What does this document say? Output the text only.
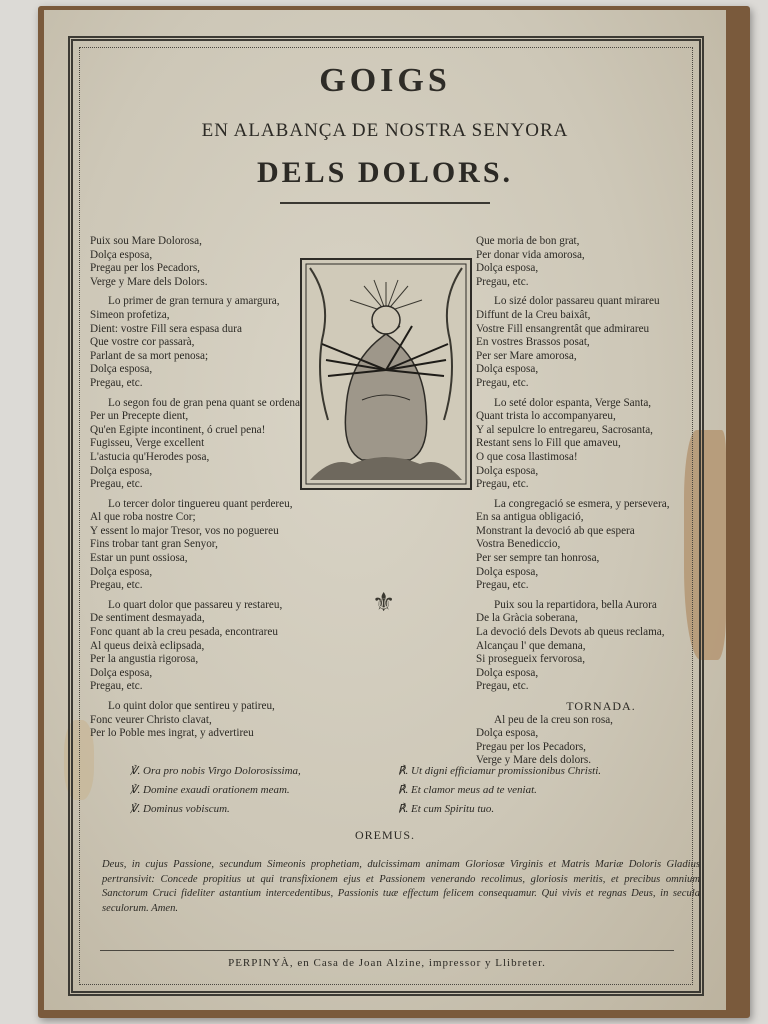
GOIGS
EN ALABANÇA DE NOSTRA SENYORA
DELS DOLORS.

Puix sou Mare Dolorosa,

Dolça esposa,

Pregau per los Pecadors,

Verge y Mare dels Dolors.

Lo primer de gran ternura y amargura,

Simeon profetiza,

Dient: vostre Fill sera espasa dura

Que vostre cor passarà,

Parlant de sa mort penosa;

Dolça esposa,

Pregau, etc.

Lo segon fou de gran pena quant se ordena

Per un Precepte dient,

Qu'en Egipte incontinent, ó cruel pena!

Fugisseu, Verge excellent

L'astucia qu'Herodes posa,

Dolça esposa,

Pregau, etc.

Lo tercer dolor tinguereu quant perdereu,

Al que roba nostre Cor;

Y essent lo major Tresor, vos no poguereu

Fins trobar tant gran Senyor,

Estar un punt ossiosa,

Dolça esposa,

Pregau, etc.

Lo quart dolor que passareu y restareu,

De sentiment desmayada,

Fonc quant ab la creu pesada, encontrareu

Al queus deixà eclipsada,

Per la angustia rigorosa,

Dolça esposa,

Pregau, etc.

Lo quint dolor que sentireu y patireu,

Fonc veurer Christo clavat,

Per lo Poble mes ingrat, y advertireu

Que moria de bon grat,

Per donar vida amorosa,

Dolça esposa,

Pregau, etc.

Lo sizé dolor passareu quant mirareu

Diffunt de la Creu baixât,

Vostre Fill ensangrentât que admirareu

En vostres Brassos posat,

Per ser Mare amorosa,

Dolça esposa,

Pregau, etc.

Lo seté dolor espanta, Verge Santa,

Quant trista lo accompanyareu,

Y al sepulcre lo entregareu, Sacrosanta,

Restant sens lo Fill que amaveu,

O que cosa llastimosa!

Dolça esposa,

Pregau, etc.

La congregació se esmera, y persevera,

En sa antigua obligació,

Monstrant la devoció ab que espera

Vostra Benediccio,

Per ser sempre tan honrosa,

Dolça esposa,

Pregau, etc.

Puix sou la repartidora, bella Aurora

De la Gràcia soberana,

La devoció dels Devots ab queus reclama,

Alcançau l' que demana,

Si prosegueix fervorosa,

Dolça esposa,

Pregau, etc.

TORNADA.

Al peu de la creu son rosa,

Dolça esposa,

Pregau per los Pecadors,

Verge y Mare dels dolors.

⚜
℣. Ora pro nobis Virgo Dolorosissima,
℣. Domine exaudi orationem meam.
℣. Dominus vobiscum.
℟. Ut digni efficiamur promissionibus Christi.
℟. Et clamor meus ad te veniat.
℟. Et cum Spiritu tuo.
OREMUS.
Deus, in cujus Passione, secundum Simeonis prophetiam, dulcissimam animam Gloriosæ Virginis et Matris Mariæ Doloris Gladius pertransivit: Concede propitius ut qui transfixionem ejus et Passionem venerando recolimus, gloriosis meritis, et precibus omnium Sanctorum Cruci fideliter astantium intercedentibus, Passionis tuæ effectum felicem consequamur. Qui vivis et regnas Deus, in secula seculorum. Amen.
PERPINYÀ, en Casa de Joan Alzine, impressor y Llibreter.
